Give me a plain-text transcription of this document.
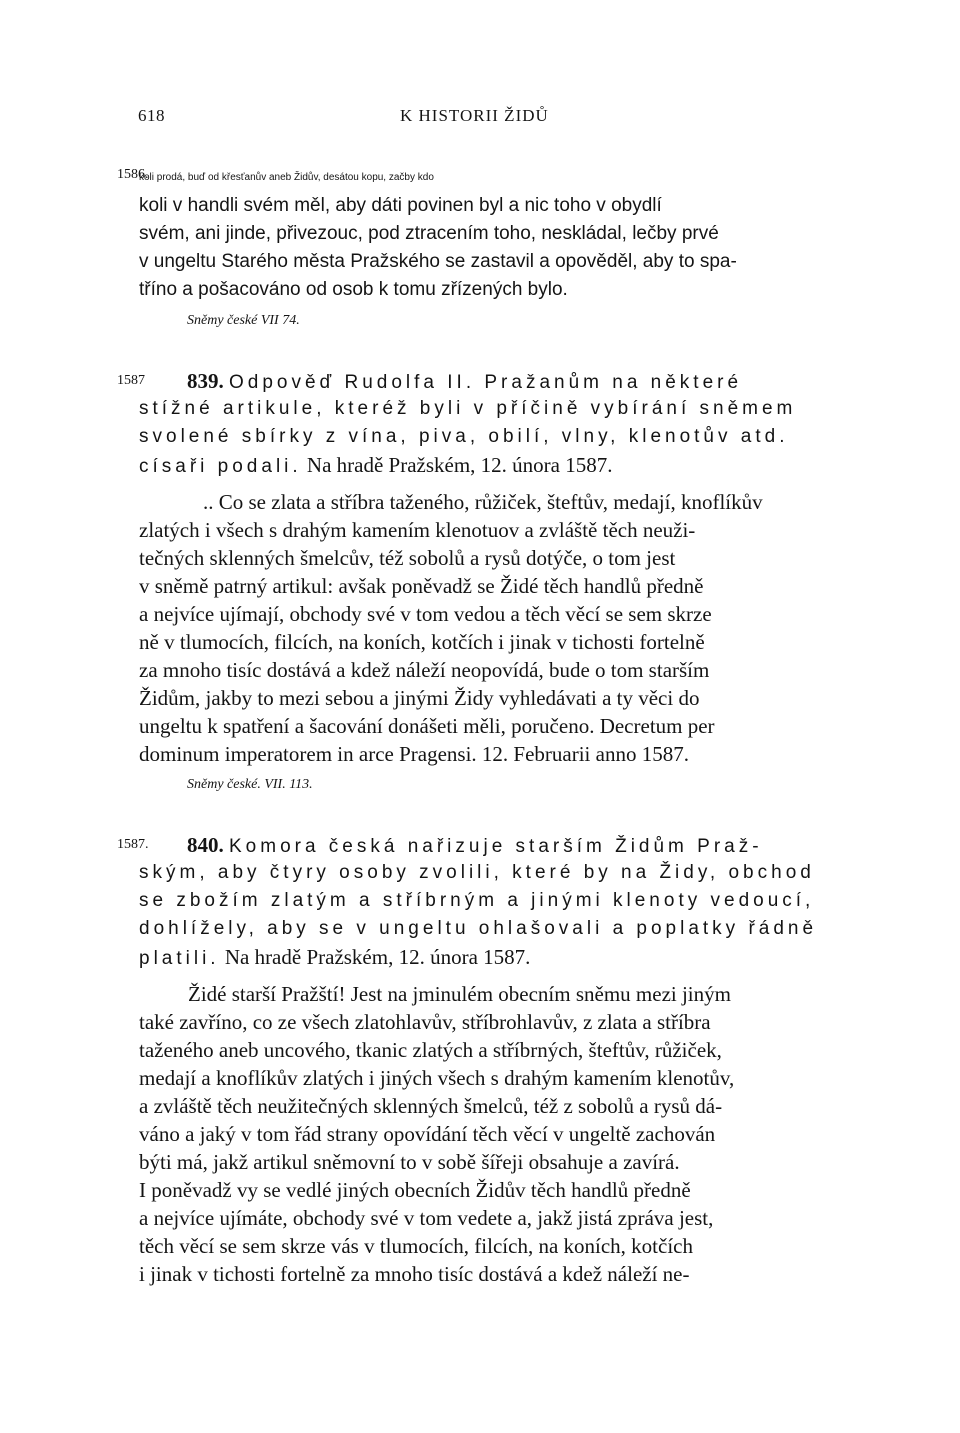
618	K HISTORII ŽIDŮ
1586.
koli prodá, buď od křesťanův aneb Židův, desátou kopu, začby kdo
koli v handli svém měl, aby dáti povinen byl a nic toho v obydlí
svém, ani jinde, přivezouc, pod ztracením toho, neskládal, lečby prvé
v ungeltu Starého města Pražského se zastavil a opověděl, aby to spa-
tříno a pošacováno od osob k tomu zřízených bylo.
Sněmy české VII 74.
1587 839. Odpověď Rudolfa II. Pražanům na některé
stížné artikule, kteréž byli v příčině vybírání sněmem
svolené sbírky z vína, piva, obilí, vlny, klenotův atd.
císaři podali. Na hradě Pražském, 12. února 1587.
.. Co se zlata a stříbra taženého, růžiček, šteftův, medají, knoflíkův
zlatých i všech s drahým kamením klenotuov a zvláště těch neuži-
tečných sklenných šmelcův, též sobolů a rysů dotýče, o tom jest
v sněmě patrný artikul: avšak poněvadž se Židé těch handlů předně
a nejvíce ujímají, obchody své v tom vedou a těch věcí se sem skrze
ně v tlumocích, filcích, na koních, kotčích i jinak v tichosti fortelně
za mnoho tisíc dostává a kdež náleží neopovídá, bude o tom starším
Židům, jakby to mezi sebou a jinými Židy vyhledávati a ty věci do
ungeltu k spatření a šacování donášeti měli, poručeno. Decretum per
dominum imperatorem in arce Pragensi. 12. Februarii anno 1587.
Sněmy české. VII. 113.
1587. 840. Komora česká nařizuje starším Židům Praž-
ským, aby čtyry osoby zvolili, které by na Židy, obchod
se zbožím zlatým a stříbrným a jinými klenoty vedoucí,
dohlížely, aby se v ungeltu ohlašovali a poplatky řádně
platili. Na hradě Pražském, 12. února 1587.
Židé starší Pražští! Jest na jminulém obecním sněmu mezi jiným
také zavříno, co ze všech zlatohlavův, stříbrohlavův, z zlata a stříbra
taženého aneb uncového, tkanic zlatých a stříbrných, šteftův, růžiček,
medají a knoflíkův zlatých i jiných všech s drahým kamením klenotův,
a zvláště těch neužitečných sklenných šmelců, též z sobolů a rysů dá-
váno a jaký v tom řád strany opovídání těch věcí v ungeltě zachován
býti má, jakž artikul sněmovní to v sobě šířeji obsahuje a zavírá.
I poněvadž vy se vedlé jiných obecních Židův těch handlů předně
a nejvíce ujímáte, obchody své v tom vedete a, jakž jistá zpráva jest,
těch věcí se sem skrze vás v tlumocích, filcích, na koních, kotčích
i jinak v tichosti fortelně za mnoho tisíc dostává a kdež náleží ne-
